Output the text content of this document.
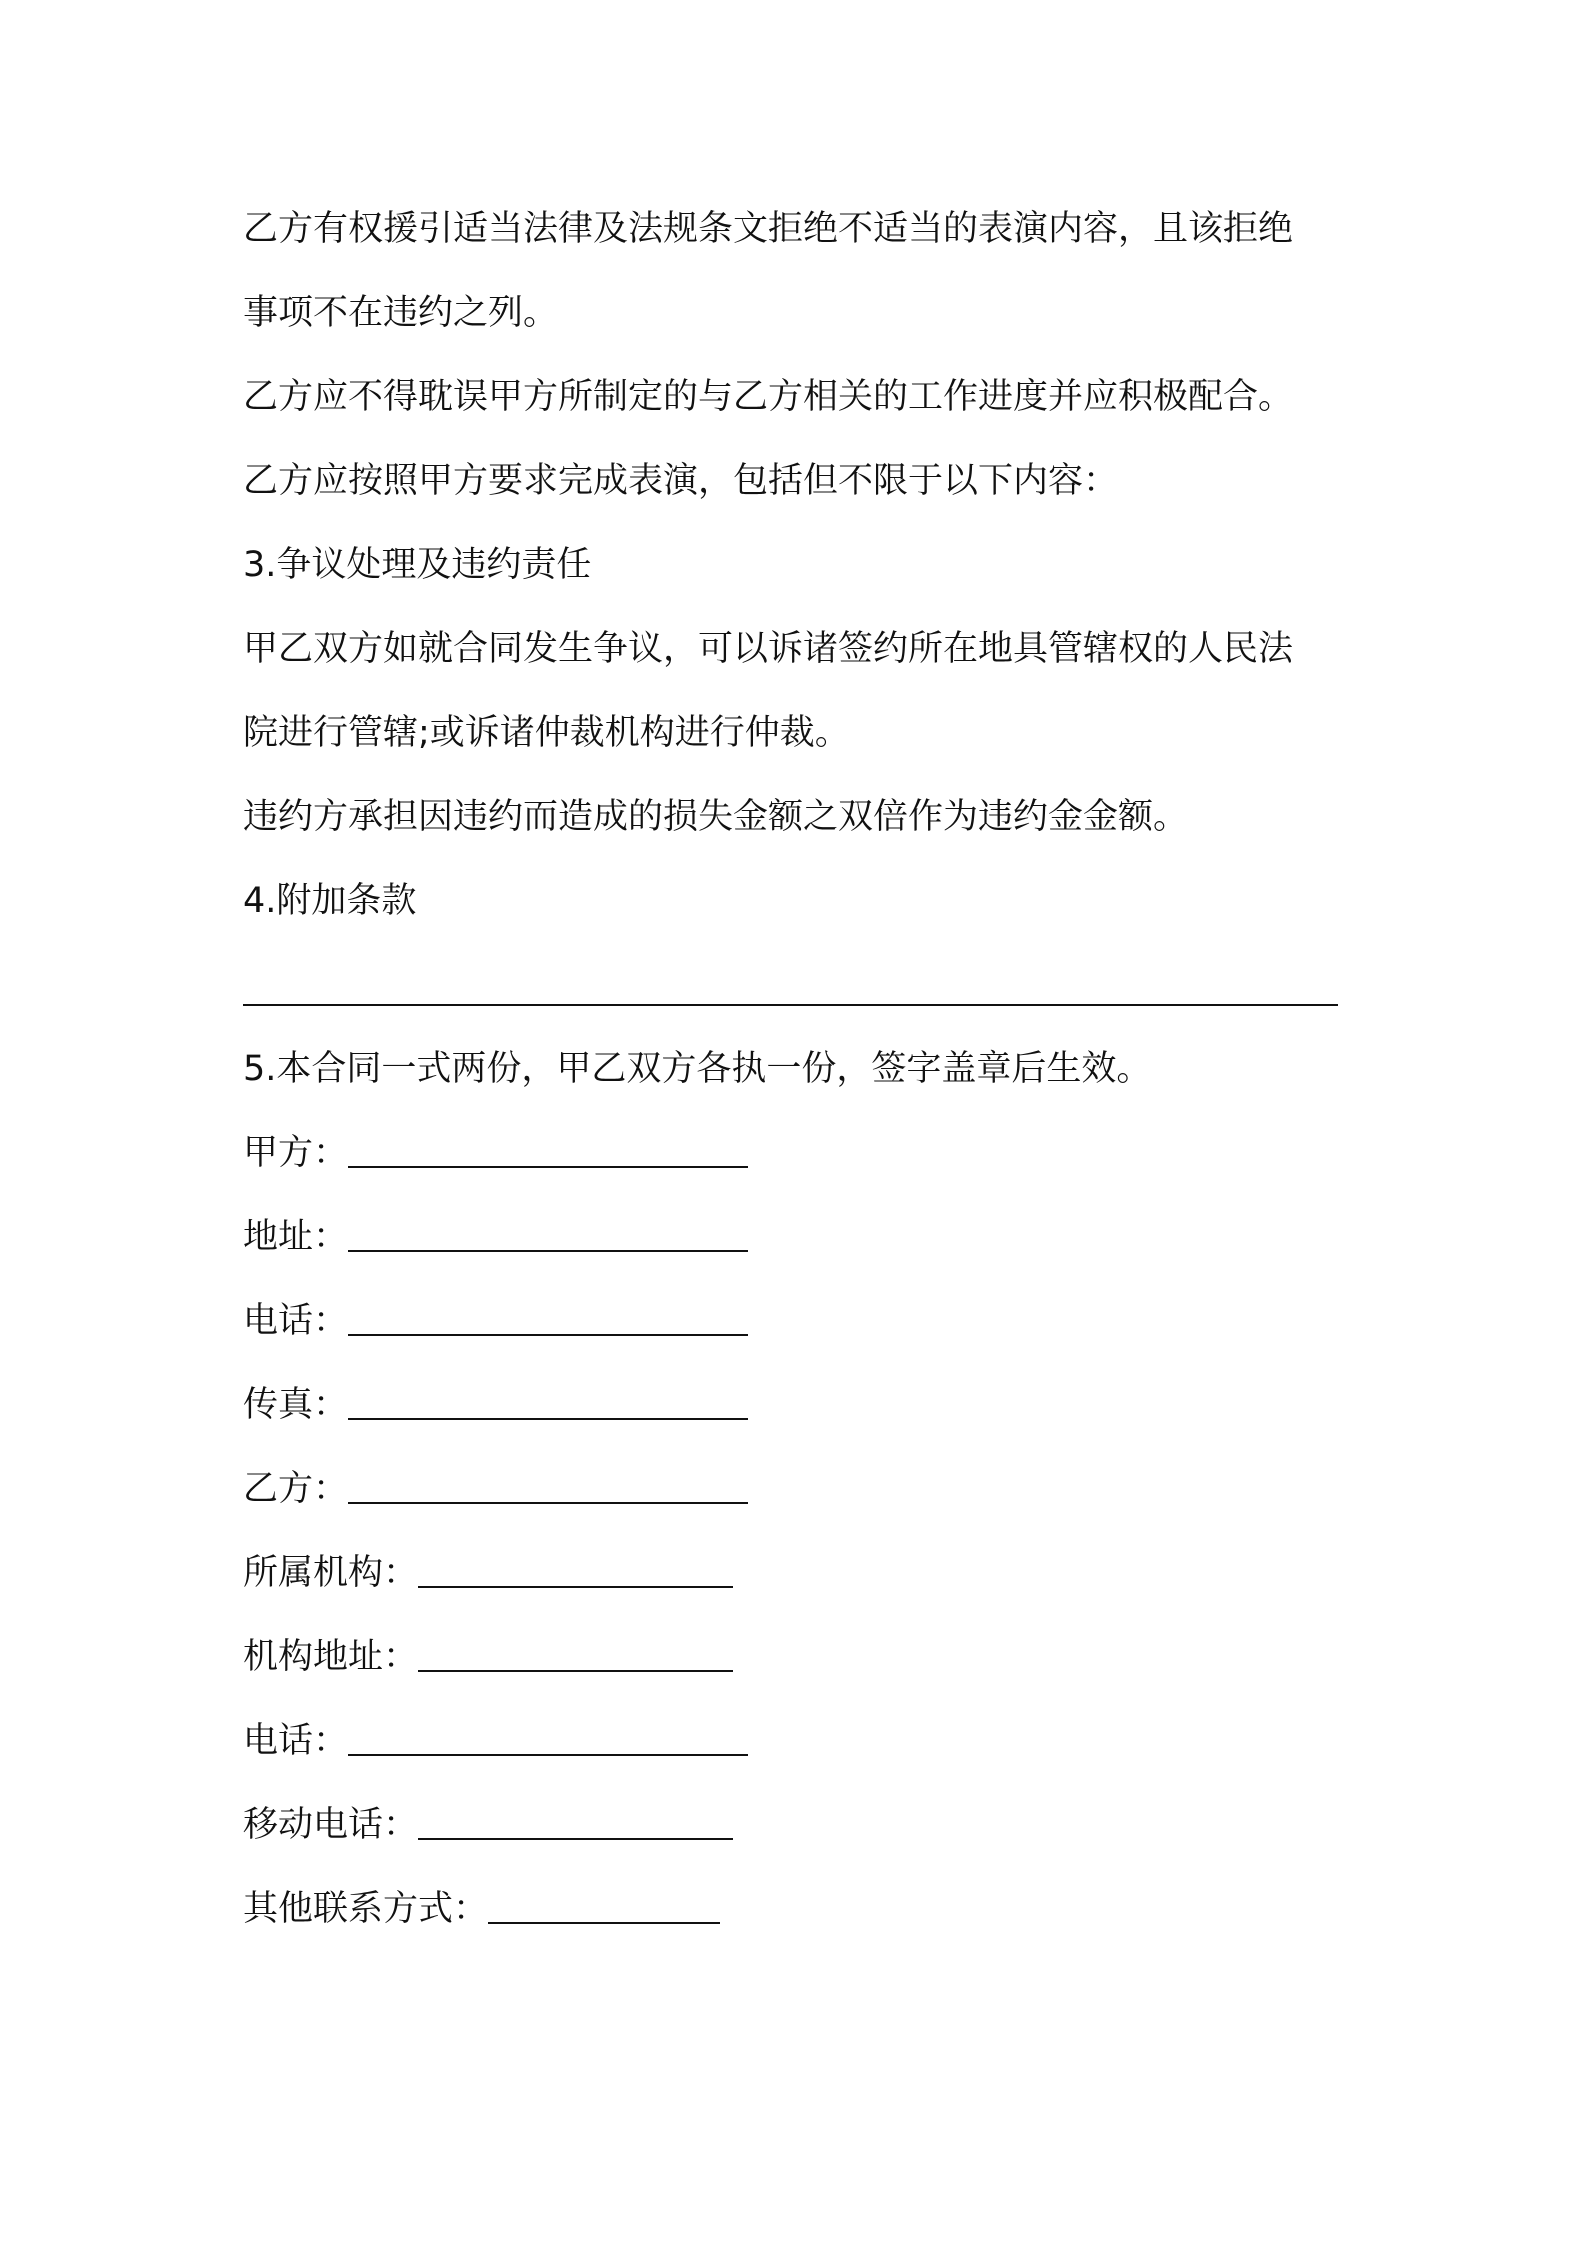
乙方有权援引适当法律及法规条文拒绝不适当的表演内容，且该拒绝
事项不在违约之列。
乙方应不得耽误甲方所制定的与乙方相关的工作进度并应积极配合。
乙方应按照甲方要求完成表演，包括但不限于以下内容：
3.争议处理及违约责任
甲乙双方如就合同发生争议，可以诉诸签约所在地具管辖权的人民法
院进行管辖;或诉诸仲裁机构进行仲裁。
违约方承担因违约而造成的损失金额之双倍作为违约金金额。
4.附加条款
5.本合同一式两份，甲乙双方各执一份，签字盖章后生效。
甲方：
地址：
电话：
传真：
乙方：
所属机构：
机构地址：
电话：
移动电话：
其他联系方式：
